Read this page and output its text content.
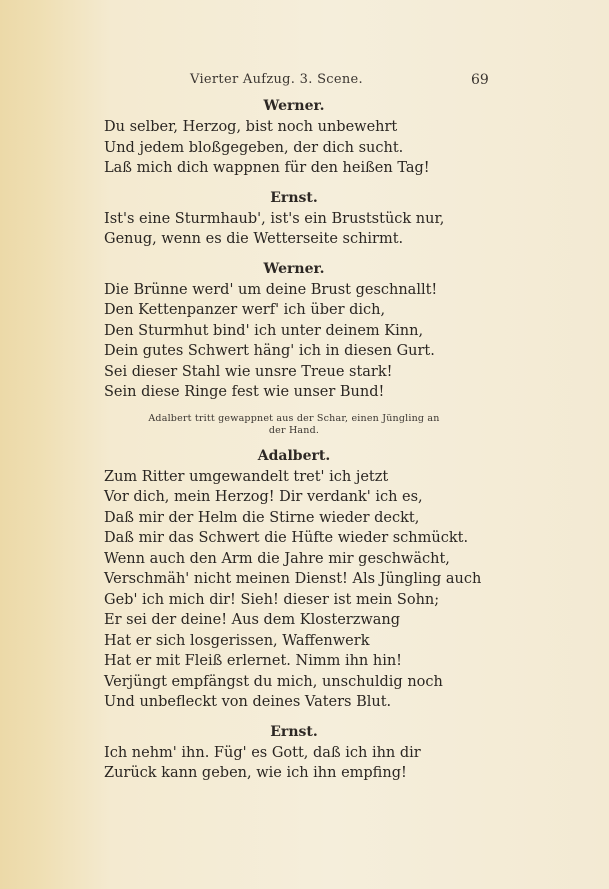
Vierter Aufzug. 3. Scene.	69

Werner.

Du selber, Herzog, bist noch unbewehrt

Und jedem bloßgegeben, der dich sucht.

Laß mich dich wappnen für den heißen Tag!

Ernst.

Ist's eine Sturmhaub', ist's ein Bruststück nur,

Genug, wenn es die Wetterseite schirmt.

Werner.

Die Brünne werd' um deine Brust geschnallt!

Den Kettenpanzer werf' ich über dich,

Den Sturmhut bind' ich unter deinem Kinn,

Dein gutes Schwert häng' ich in diesen Gurt.

Sei dieser Stahl wie unsre Treue stark!

Sein diese Ringe fest wie unser Bund!

Adalbert tritt gewappnet aus der Schar, einen Jüngling an

der Hand.

Adalbert.

Zum Ritter umgewandelt tret' ich jetzt

Vor dich, mein Herzog! Dir verdank' ich es,

Daß mir der Helm die Stirne wieder deckt,

Daß mir das Schwert die Hüfte wieder schmückt.

Wenn auch den Arm die Jahre mir geschwächt,

Verschmäh' nicht meinen Dienst! Als Jüngling auch

Geb' ich mich dir! Sieh! dieser ist mein Sohn;

Er sei der deine! Aus dem Klosterzwang

Hat er sich losgerissen, Waffenwerk

Hat er mit Fleiß erlernet. Nimm ihn hin!

Verjüngt empfängst du mich, unschuldig noch

Und unbefleckt von deines Vaters Blut.

Ernst.

Ich nehm' ihn. Füg' es Gott, daß ich ihn dir

Zurück kann geben, wie ich ihn empfing!
